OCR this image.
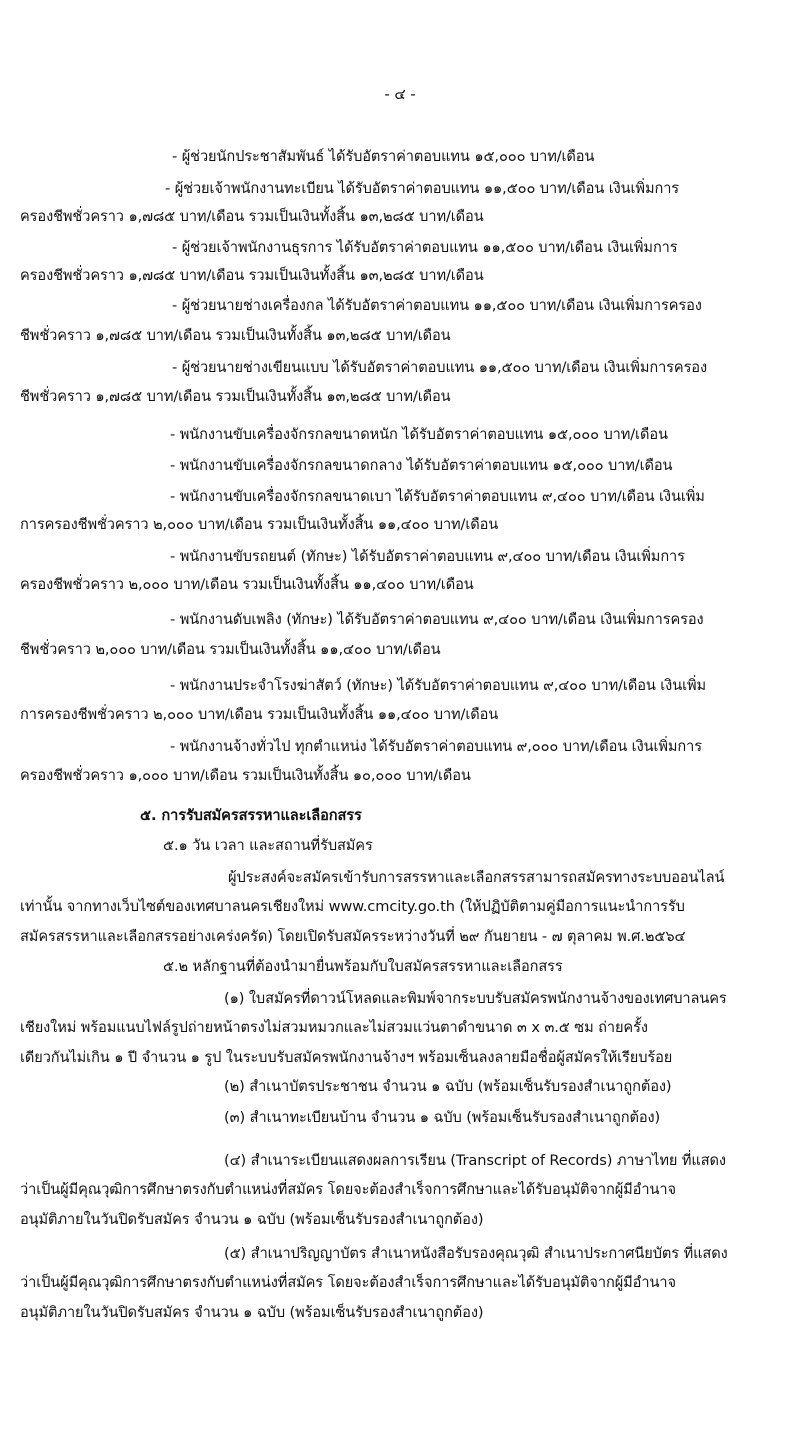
- ๔ -
- ผู้ช่วยนักประชาสัมพันธ์ ได้รับอัตราค่าตอบแทน ๑๕,๐๐๐ บาท/เดือน
- ผู้ช่วยเจ้าพนักงานทะเบียน ได้รับอัตราค่าตอบแทน ๑๑,๕๐๐ บาท/เดือน เงินเพิ่มการ
ครองชีพชั่วคราว ๑,๗๘๕ บาท/เดือน รวมเป็นเงินทั้งสิ้น ๑๓,๒๘๕ บาท/เดือน
- ผู้ช่วยเจ้าพนักงานธุรการ ได้รับอัตราค่าตอบแทน ๑๑,๕๐๐ บาท/เดือน เงินเพิ่มการ
ครองชีพชั่วคราว ๑,๗๘๕ บาท/เดือน รวมเป็นเงินทั้งสิ้น ๑๓,๒๘๕ บาท/เดือน
- ผู้ช่วยนายช่างเครื่องกล ได้รับอัตราค่าตอบแทน ๑๑,๕๐๐ บาท/เดือน เงินเพิ่มการครอง
ชีพชั่วคราว ๑,๗๘๕ บาท/เดือน รวมเป็นเงินทั้งสิ้น ๑๓,๒๘๕ บาท/เดือน
- ผู้ช่วยนายช่างเขียนแบบ ได้รับอัตราค่าตอบแทน ๑๑,๕๐๐ บาท/เดือน เงินเพิ่มการครอง
ชีพชั่วคราว ๑,๗๘๕ บาท/เดือน รวมเป็นเงินทั้งสิ้น ๑๓,๒๘๕ บาท/เดือน
- พนักงานขับเครื่องจักรกลขนาดหนัก ได้รับอัตราค่าตอบแทน ๑๕,๐๐๐ บาท/เดือน
- พนักงานขับเครื่องจักรกลขนาดกลาง ได้รับอัตราค่าตอบแทน ๑๕,๐๐๐ บาท/เดือน
- พนักงานขับเครื่องจักรกลขนาดเบา ได้รับอัตราค่าตอบแทน ๙,๔๐๐ บาท/เดือน เงินเพิ่ม
การครองชีพชั่วคราว ๒,๐๐๐ บาท/เดือน รวมเป็นเงินทั้งสิ้น ๑๑,๔๐๐ บาท/เดือน
- พนักงานขับรถยนต์ (ทักษะ) ได้รับอัตราค่าตอบแทน ๙,๔๐๐ บาท/เดือน เงินเพิ่มการ
ครองชีพชั่วคราว ๒,๐๐๐ บาท/เดือน รวมเป็นเงินทั้งสิ้น ๑๑,๔๐๐ บาท/เดือน
- พนักงานดับเพลิง (ทักษะ) ได้รับอัตราค่าตอบแทน ๙,๔๐๐ บาท/เดือน เงินเพิ่มการครอง
ชีพชั่วคราว ๒,๐๐๐ บาท/เดือน รวมเป็นเงินทั้งสิ้น ๑๑,๔๐๐ บาท/เดือน
- พนักงานประจำโรงฆ่าสัตว์ (ทักษะ) ได้รับอัตราค่าตอบแทน ๙,๔๐๐ บาท/เดือน เงินเพิ่ม
การครองชีพชั่วคราว ๒,๐๐๐ บาท/เดือน รวมเป็นเงินทั้งสิ้น ๑๑,๔๐๐ บาท/เดือน
- พนักงานจ้างทั่วไป ทุกตำแหน่ง ได้รับอัตราค่าตอบแทน ๙,๐๐๐ บาท/เดือน เงินเพิ่มการ
ครองชีพชั่วคราว ๑,๐๐๐ บาท/เดือน รวมเป็นเงินทั้งสิ้น ๑๐,๐๐๐ บาท/เดือน
๕. การรับสมัครสรรหาและเลือกสรร
๕.๑ วัน เวลา และสถานที่รับสมัคร
ผู้ประสงค์จะสมัครเข้ารับการสรรหาและเลือกสรรสามารถสมัครทางระบบออนไลน์
เท่านั้น จากทางเว็บไซต์ของเทศบาลนครเชียงใหม่ www.cmcity.go.th (ให้ปฏิบัติตามคู่มือการแนะนำการรับ
สมัครสรรหาและเลือกสรรอย่างเคร่งครัด) โดยเปิดรับสมัครระหว่างวันที่ ๒๙ กันยายน - ๗ ตุลาคม พ.ศ.๒๕๖๔
๕.๒ หลักฐานที่ต้องนำมายื่นพร้อมกับใบสมัครสรรหาและเลือกสรร
(๑) ใบสมัครที่ดาวน์โหลดและพิมพ์จากระบบรับสมัครพนักงานจ้างของเทศบาลนคร
เชียงใหม่ พร้อมแนบไฟล์รูปถ่ายหน้าตรงไม่สวมหมวกและไม่สวมแว่นตาดำขนาด ๓ x ๓.๕ ซม ถ่ายครั้ง
เดียวกันไม่เกิน ๑ ปี จำนวน ๑ รูป ในระบบรับสมัครพนักงานจ้างฯ พร้อมเซ็นลงลายมือชื่อผู้สมัครให้เรียบร้อย
(๒) สำเนาบัตรประชาชน จำนวน ๑ ฉบับ (พร้อมเซ็นรับรองสำเนาถูกต้อง)
(๓) สำเนาทะเบียนบ้าน จำนวน ๑ ฉบับ (พร้อมเซ็นรับรองสำเนาถูกต้อง)
(๔) สำเนาระเบียนแสดงผลการเรียน (Transcript of Records) ภาษาไทย ที่แสดง
ว่าเป็นผู้มีคุณวุฒิการศึกษาตรงกับตำแหน่งที่สมัคร โดยจะต้องสำเร็จการศึกษาและได้รับอนุมัติจากผู้มีอำนาจ
อนุมัติภายในวันปิดรับสมัคร จำนวน ๑ ฉบับ (พร้อมเซ็นรับรองสำเนาถูกต้อง)
(๕) สำเนาปริญญาบัตร สำเนาหนังสือรับรองคุณวุฒิ สำเนาประกาศนียบัตร ที่แสดง
ว่าเป็นผู้มีคุณวุฒิการศึกษาตรงกับตำแหน่งที่สมัคร โดยจะต้องสำเร็จการศึกษาและได้รับอนุมัติจากผู้มีอำนาจ
อนุมัติภายในวันปิดรับสมัคร จำนวน ๑ ฉบับ (พร้อมเซ็นรับรองสำเนาถูกต้อง)
